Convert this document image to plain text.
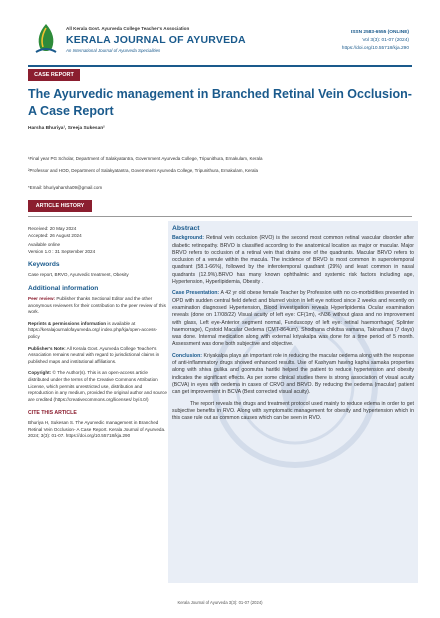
All Kerala Govt. Ayurveda College Teacher's Association
KERALA JOURNAL OF AYURVEDA
An International Journal of Ayurveda Specialities
ISSN 2583-6555 (ONLINE)
Vol 3(3): 01-07 (2024)
https://doi.org/10.55718/kja.290
CASE REPORT
The Ayurvedic management in Branched Retinal Vein Occlusion- A Case Report
Harsha Bhuriya¹, Sreeja Sukesan²
¹Final year PG Scholar, Department of Salakyatantra, Government Ayurveda College, Tripunithura, Ernakulam, Kerala
²Professor and HOD, Department of Salakyatantra, Government Ayurveda College, Tripunithura, Ernakulam, Kerala
*Email: bhuriyaharsha09@gmail.com
ARTICLE HISTORY
Received: 20 May 2024
Accepted: 26 August 2024
Available online
Version 1.0 : 31 September 2024
Keywords

Case report, BRVO, Ayurvedic treatment, Obesity

Additional information

Peer review: Publisher thanks Sectional Editor and the other anonymous reviewers for their contribution to the peer review of this work.

Reprints & permissions information is available at https://keralajournalofayurveda.org/ index.php/kja/open-access-policy

Publisher's Note: All Kerala Govt. Ayurveda College Teacher's Association remains neutral with regard to jurisdictional claims in published maps and institutional affiliations.

Copyright: © The Author(s). This is an open-access article distributed under the terms of the Creative Commons Attribution License, which permits unrestricted use, distribution and reproduction in any medium, provided the original author and source are credited (https://creativecommons.org/licenses/ by/4.0/)

CITE THIS ARTICLE

Bhuriya H, Sukesan S. The Ayurvedic management in Branched Retinal Vein Occlusion- A Case Report. Kerala Journal of Ayurveda. 2024; 3(3): 01-07. https://doi.org/10.55718/kja.290

Abstract

Background: Retinal vein occlusion (RVO) is the second most common retinal vascular disorder after diabetic retinopathy. BRVO is classified according to the anatomical location as major or macular. Major BRVO refers to occlusion of a retinal vein that drains one of the quadrants. Macular BRVO refers to occlusion of a venule within the macula. The incidence of BRVO is most common in superotemporal quadrant (58.1-66%), followed by the inferotemporal quadrant (29%) and least common in nasal quadrants (12.9%).BRVO has many known ophthalmic and systemic risk factors including age, Hypertension, Hyperlipidemia, Obesity .

Case Presentation: A 42 yr old obese female Teacher by Profession with no co-morbidities presented in OPD with sudden central field defect and blurred vision in left eye noticed since 2 weeks and recently on examination diagnosed Hypertension, Blood investigation reveals Hyperlipidemia Ocular examination reveals (done on 17/08/22) Visual acuity of left eye: CF(1m), <N36 without glass and no improvement with glass, Left eye-Anterior segment normal, Funduscopy of left eye: retinal haemorrhage( Splinter haemorrage), Cystoid Macular Oedema (CMT-864um). Shodhana chikitsa vamana, Takradhara (7 days) was done. Internal medication along with external kriyakalpa was done for a time period of 5 month. Assessment was done both subjective and objective.

Conclusion: Kriyakalpa plays an important role in reducing the macular oedema along with the response of anti-inflammatory drugs showed enhanced results. Use of Kashyam having kapha samaka properties along with shiva gulika and goomutra haritki helped the patient to reduce hypertension and obesity indicates the significant effects. As per some clinical studies there is strong association of visual acuity (BCVA) in eyes with oedema in cases of CRVO and BRVO. By reducing the oedema (macular) patient can get improvement in BCVA (Best corrected visual acuity).

The report reveals the drugs and treatment protocol used mainly to reduce edema in order to get subjective benefits in RVO. Along with symptomatic management for obesity and hypertension which in this case rule out as common causes which can be seen in RVO.

Kerala Journal of Ayurveda 3(3): 01-07 (2024)
